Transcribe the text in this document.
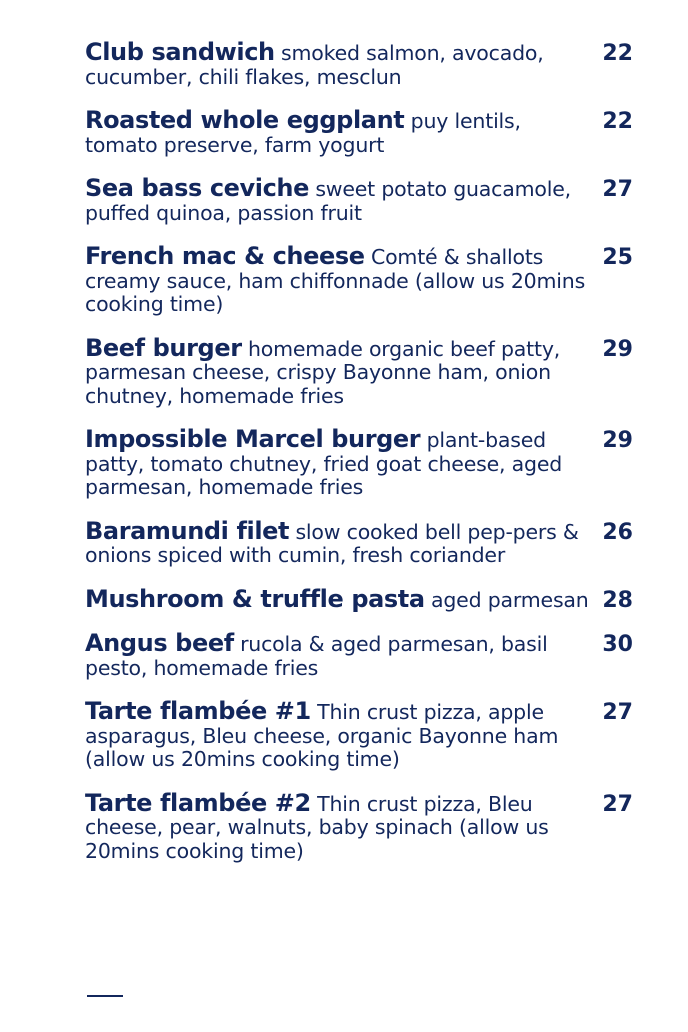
Club sandwich smoked salmon, avocado, cucumber, chili flakes, mesclun
22
Roasted whole eggplant puy lentils, tomato preserve, farm yogurt
22
Sea bass ceviche sweet potato guacamole, puffed quinoa, passion fruit
27
French mac & cheese Comté & shallots creamy sauce, ham chiffonnade (allow us 20mins cooking time)
25
Beef burger homemade organic beef patty, parmesan cheese, crispy Bayonne ham, onion chutney, homemade fries
29
Impossible Marcel burger plant-based patty, tomato chutney, fried goat cheese, aged parmesan, homemade fries
29
Baramundi filet slow cooked bell pep-pers & onions spiced with cumin, fresh coriander
26
Mushroom & truffle pasta aged parmesan 28
Angus beef rucola & aged parmesan, basil pesto, homemade fries
30
Tarte flambée #1 Thin crust pizza, apple asparagus, Bleu cheese, organic Bayonne ham (allow us 20mins cooking time)
27
Tarte flambée #2 Thin crust pizza, Bleu cheese, pear, walnuts, baby spinach (allow us 20mins cooking time)
27
